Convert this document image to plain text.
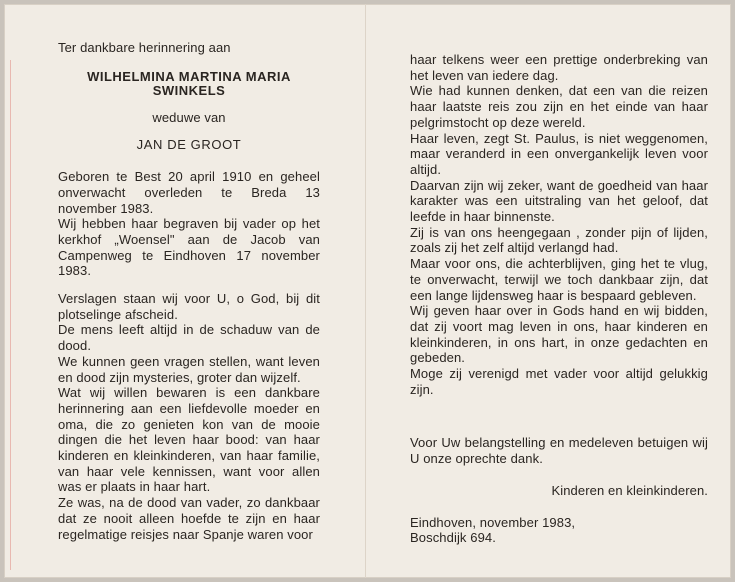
Ter dankbare herinnering aan

WILHELMINA MARTINA MARIA
SWINKELS

weduwe van

JAN DE GROOT

Geboren te Best 20 april 1910 en geheel onverwacht overleden te Breda 13 november 1983.

Wij hebben haar begraven bij vader op het kerkhof „Woensel" aan de Jacob van Campenweg te Eindhoven 17 november 1983.

Verslagen staan wij voor U, o God, bij dit plotselinge afscheid.

De mens leeft altijd in de schaduw van de dood.

We kunnen geen vragen stellen, want leven en dood zijn mysteries, groter dan wijzelf.

Wat wij willen bewaren is een dankbare herinnering aan een liefdevolle moeder en oma, die zo genieten kon van de mooie dingen die het leven haar bood: van haar kinderen en kleinkinderen, van haar familie, van haar vele kennissen, want voor allen was er plaats in haar hart.

Ze was, na de dood van vader, zo dankbaar dat ze nooit alleen hoefde te zijn en haar regelmatige reisjes naar Spanje waren voor

haar telkens weer een prettige onderbreking van het leven van iedere dag.

Wie had kunnen denken, dat een van die reizen haar laatste reis zou zijn en het einde van haar pelgrimstocht op deze wereld.

Haar leven, zegt St. Paulus, is niet weggenomen, maar veranderd in een onvergankelijk leven voor altijd.

Daarvan zijn wij zeker, want de goedheid van haar karakter was een uitstraling van het geloof, dat leefde in haar binnenste.

Zij is van ons heengegaan , zonder pijn of lijden, zoals zij het zelf altijd verlangd had.

Maar voor ons, die achterblijven, ging het te vlug, te onverwacht, terwijl we toch dankbaar zijn, dat een lange lijdensweg haar is bespaard gebleven.

Wij geven haar over in Gods hand en wij bidden, dat zij voort mag leven in ons, haar kinderen en kleinkinderen, in ons hart, in onze gedachten en gebeden.

Moge zij verenigd met vader voor altijd gelukkig zijn.

Voor Uw belangstelling en medeleven betuigen wij U onze oprechte dank.

Kinderen en kleinkinderen.

Eindhoven, november 1983,

Boschdijk 694.
